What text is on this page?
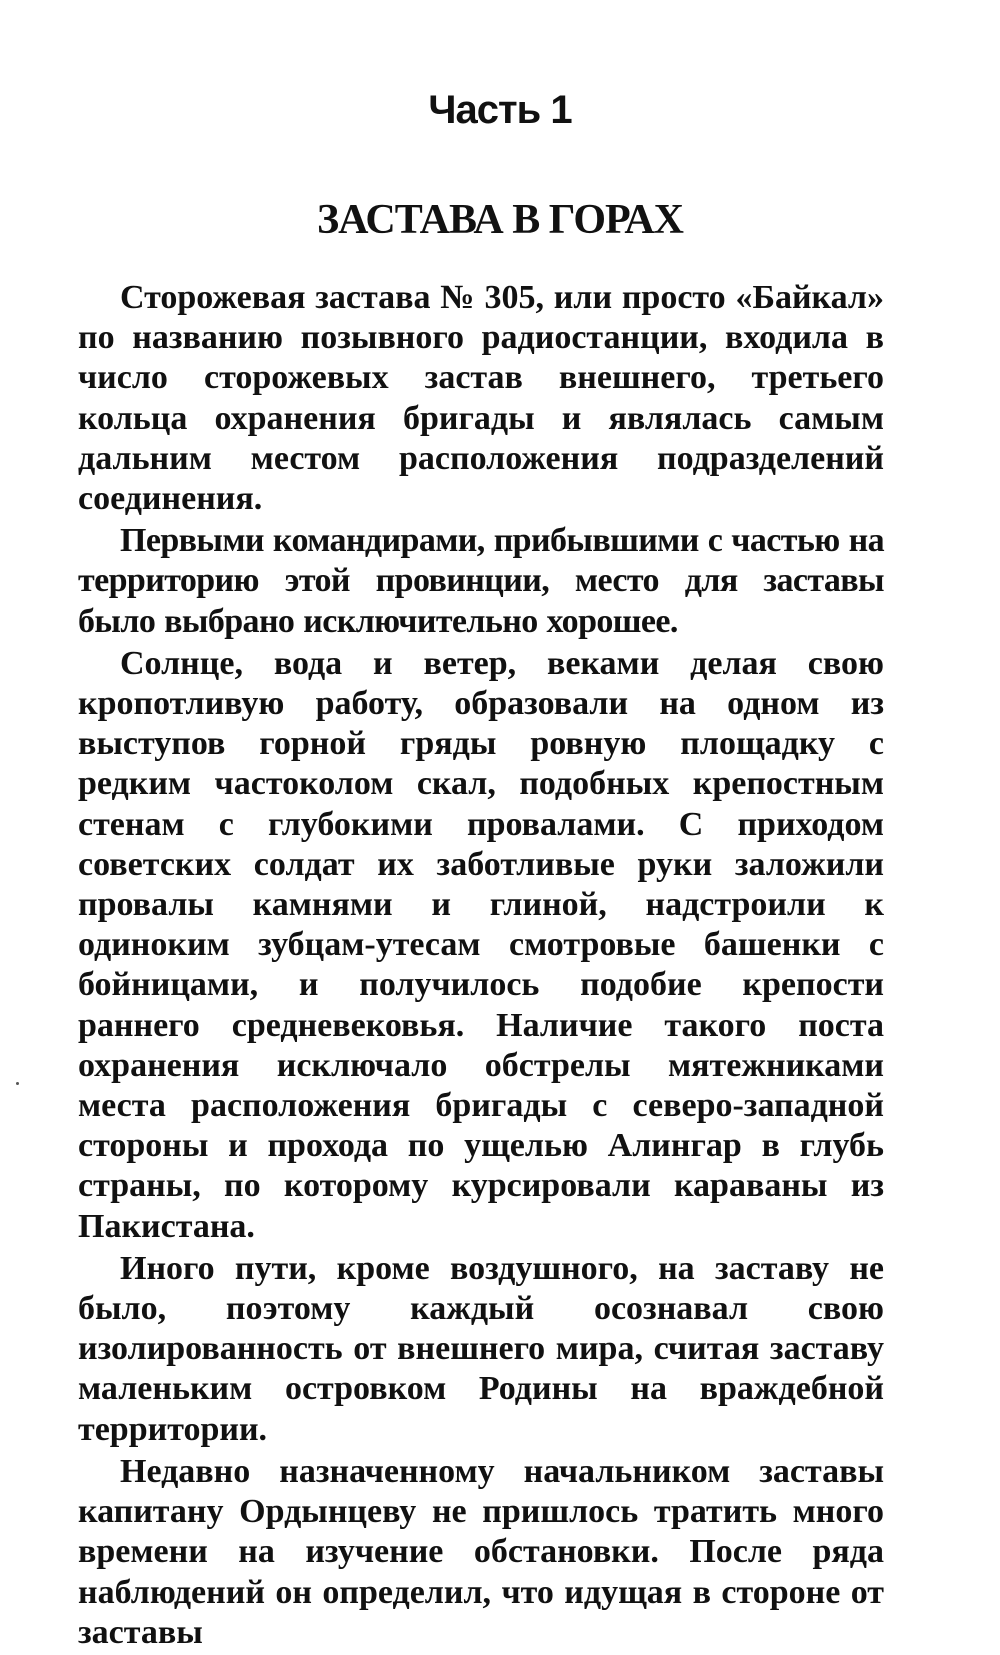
Часть 1
ЗАСТАВА В ГОРАХ

Сторожевая застава № 305, или просто «Байкал» по названию позывного радиостанции, входила в число сторожевых застав внешнего, третьего кольца охранения бригады и являлась самым дальним местом расположения подразделений соединения.

Первыми командирами, прибывшими с частью на территорию этой провинции, место для заставы было выбрано исключительно хорошее.

Солнце, вода и ветер, веками делая свою кропотливую работу, образовали на одном из выступов горной гряды ровную площадку с редким частоколом скал, подобных крепостным стенам с глубокими провалами. С приходом советских солдат их заботливые руки заложили провалы камнями и глиной, надстроили к одиноким зубцам-утесам смотровые башенки с бойницами, и получилось подобие крепости раннего средневековья. Наличие такого поста охранения исключало обстрелы мятежниками места расположения бригады с северо-западной стороны и прохода по ущелью Алингар в глубь страны, по которому курсировали караваны из Пакистана.

Иного пути, кроме воздушного, на заставу не было, поэтому каждый осознавал свою изолированность от внешнего мира, считая заставу маленьким островком Родины на враждебной территории.

Недавно назначенному начальником заставы капитану Ордынцеву не пришлось тратить много времени на изучение обстановки. После ряда наблюдений он определил, что идущая в стороне от заставы
